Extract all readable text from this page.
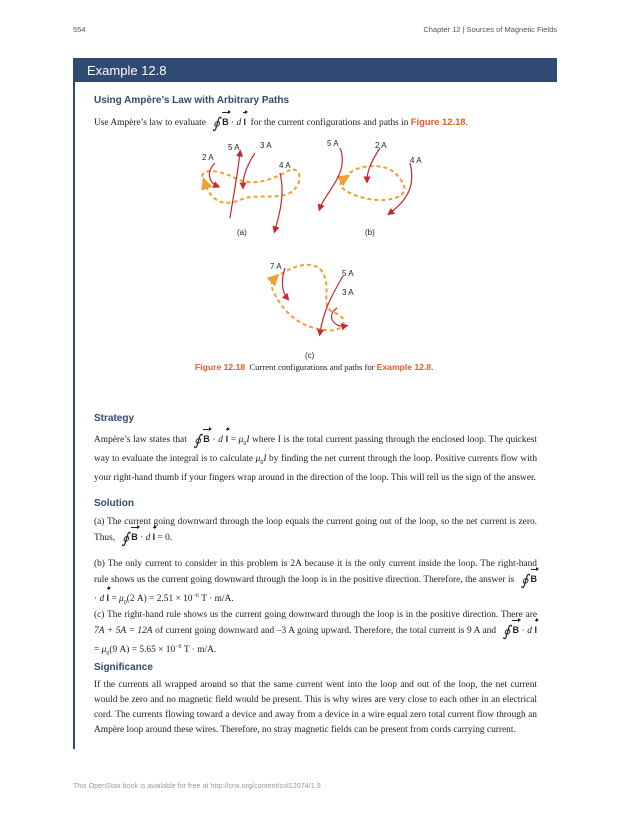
554	Chapter 12 | Sources of Magnetic Fields
Example 12.8
Using Ampère’s Law with Arbitrary Paths

Use Ampère’s law to evaluate ∮ B · d l for the current configurations and paths in Figure 12.18.

2 A
5 A	3 A
4 A
(a)
5 A	2 A
4 A
(b)
7 A
5 A
3 A
(c)
Figure 12.18 Current configurations and paths for Example 12.8.
Strategy

Ampère’s law states that ∮ B · d $l = \mu_0I$ where I is the total current passing through the enclosed loop. The quickest way to evaluate the integral is to calculate $\mu_0I$ by finding the net current through the loop. Positive currents flow with your right-hand thumb if your fingers wrap around in the direction of the loop. This will tell us the sign of the answer.

Solution

(a) The current going downward through the loop equals the current going out of the loop, so the net current is zero. Thus, ∮ B · d l = 0.

(b) The only current to consider in this problem is 2A because it is the only current inside the loop. The right-hand rule shows us the current going downward through the loop is in the positive direction. Therefore, the answer is ∮ B · d $l = \mu_0(2$ $A) = 2.51 \times 10^{-6}$ T · m/A.

(c) The right-hand rule shows us the current going downward through the loop is in the positive direction. There are 7A + 5A = 12A of current going downward and –3 A going upward. Therefore, the total current is 9 A and ∮ B · d $l = \mu_0(9$ $A) = 5.65 \times 10^{-6}$ T · m/A.

Significance

If the currents all wrapped around so that the same current went into the loop and out of the loop, the net current would be zero and no magnetic field would be present. This is why wires are very close to each other in an electrical cord. The currents flowing toward a device and away from a device in a wire equal zero total current flow through an Ampère loop around these wires. Therefore, no stray magnetic fields can be present from cords carrying current.

This OpenStax book is available for free at http://cnx.org/content/col12074/1.9
